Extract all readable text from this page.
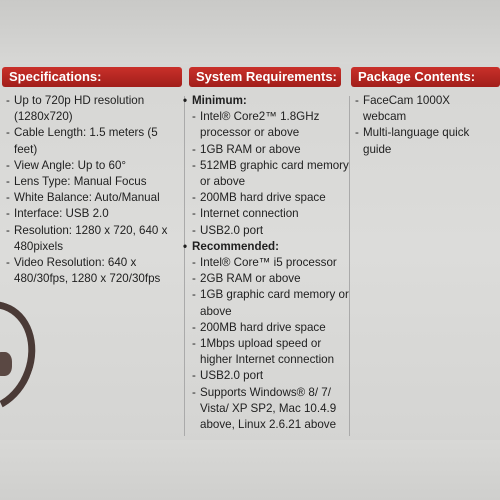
Specifications:	System Requirements:	Package Contents:
- Up to 720p HD resolution (1280x720)
- Cable Length: 1.5 meters (5 feet)
- View Angle: Up to 60°
- Lens Type: Manual Focus
- White Balance: Auto/Manual
- Interface: USB 2.0
- Resolution: 1280 x 720, 640 x 480pixels
- Video Resolution: 640 x 480/30fps, 1280 x 720/30fps
• Minimum:
- Intel® Core2™ 1.8GHz processor or above
- 1GB RAM or above
- 512MB graphic card memory or above
- 200MB hard drive space
- Internet connection
- USB2.0 port
• Recommended:
- Intel® Core™ i5 processor
- 2GB RAM or above
- 1GB graphic card memory or above
- 200MB hard drive space
- 1Mbps upload speed or higher Internet connection
- USB2.0 port
- Supports Windows® 8/ 7/ Vista/ XP SP2, Mac 10.4.9 above, Linux 2.6.21 above
- FaceCam 1000X webcam
- Multi-language quick guide
